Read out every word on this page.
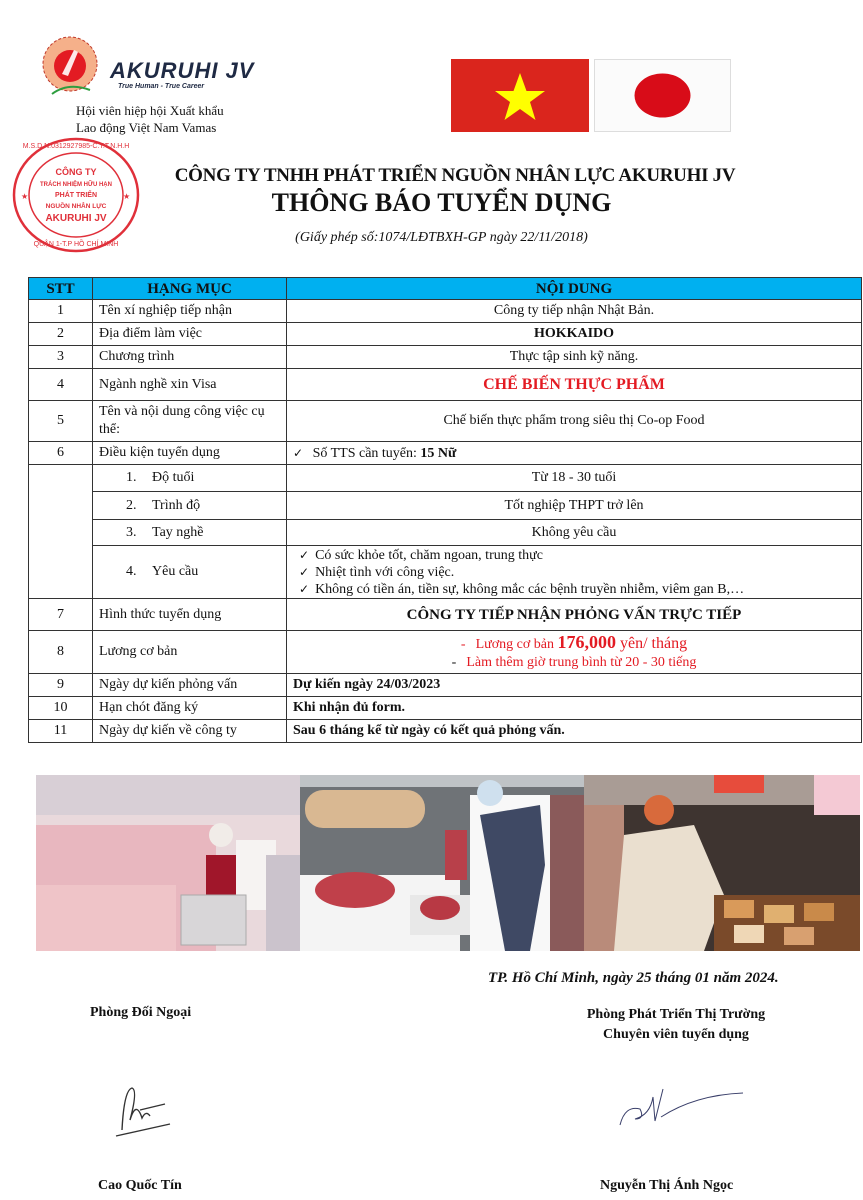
AKURUHI JV
True Human - True Career
Hội viên hiệp hội Xuất khẩu
Lao động Việt Nam Vamas
CÔNG TY
TRÁCH NHIỆM HỮU HẠN
PHÁT TRIỂN
NGUỒN NHÂN LỰC
AKURUHI JV
M.S.D.N:0312927985-C.T.T.N.H.H
QUẬN 1-T.P HỒ CHÍ MINH
★	★
CÔNG TY TNHH PHÁT TRIỂN NGUỒN NHÂN LỰC AKURUHI JV
THÔNG BÁO TUYỂN DỤNG
(Giấy phép số:1074/LĐTBXH-GP ngày 22/11/2018)
STT	HẠNG MỤC	NỘI DUNG
1	Tên xí nghiệp tiếp nhận	Công ty tiếp nhận Nhật Bản.
2	Địa điểm làm việc	HOKKAIDO
3	Chương trình	Thực tập sinh kỹ năng.
4	Ngành nghề xin Visa	CHẾ BIẾN THỰC PHẨM
5	Tên và nội dung công việc cụ thể:	Chế biến thực phẩm trong siêu thị Co-op Food
6	Điều kiện tuyển dụng	✓ Số TTS cần tuyển: 15 Nữ
	1. Độ tuổi	Từ 18 - 30 tuổi
	2. Trình độ	Tốt nghiệp THPT trở lên
	3. Tay nghề	Không yêu cầu
	4. Yêu cầu	✓ Có sức khỏe tốt, chăm ngoan, trung thực
✓ Nhiệt tình với công việc.
✓ Không có tiền án, tiền sự, không mắc các bệnh truyền nhiễm, viêm gan B,…

7	Hình thức tuyển dụng	CÔNG TY TIẾP NHẬN PHỎNG VẤN TRỰC TIẾP
8	Lương cơ bản	- Lương cơ bản 176,000 yên/ tháng
- Làm thêm giờ trung bình từ 20 - 30 tiếng

9	Ngày dự kiến phỏng vấn	Dự kiến ngày 24/03/2023
10	Hạn chót đăng ký	Khi nhận đủ form.
11	Ngày dự kiến về công ty	Sau 6 tháng kể từ ngày có kết quả phỏng vấn.
TP. Hồ Chí Minh, ngày 25 tháng 01 năm 2024.
Phòng Đối Ngoại	Phòng Phát Triển Thị Trường
Chuyên viên tuyển dụng
Cao Quốc Tín	Nguyễn Thị Ánh Ngọc
